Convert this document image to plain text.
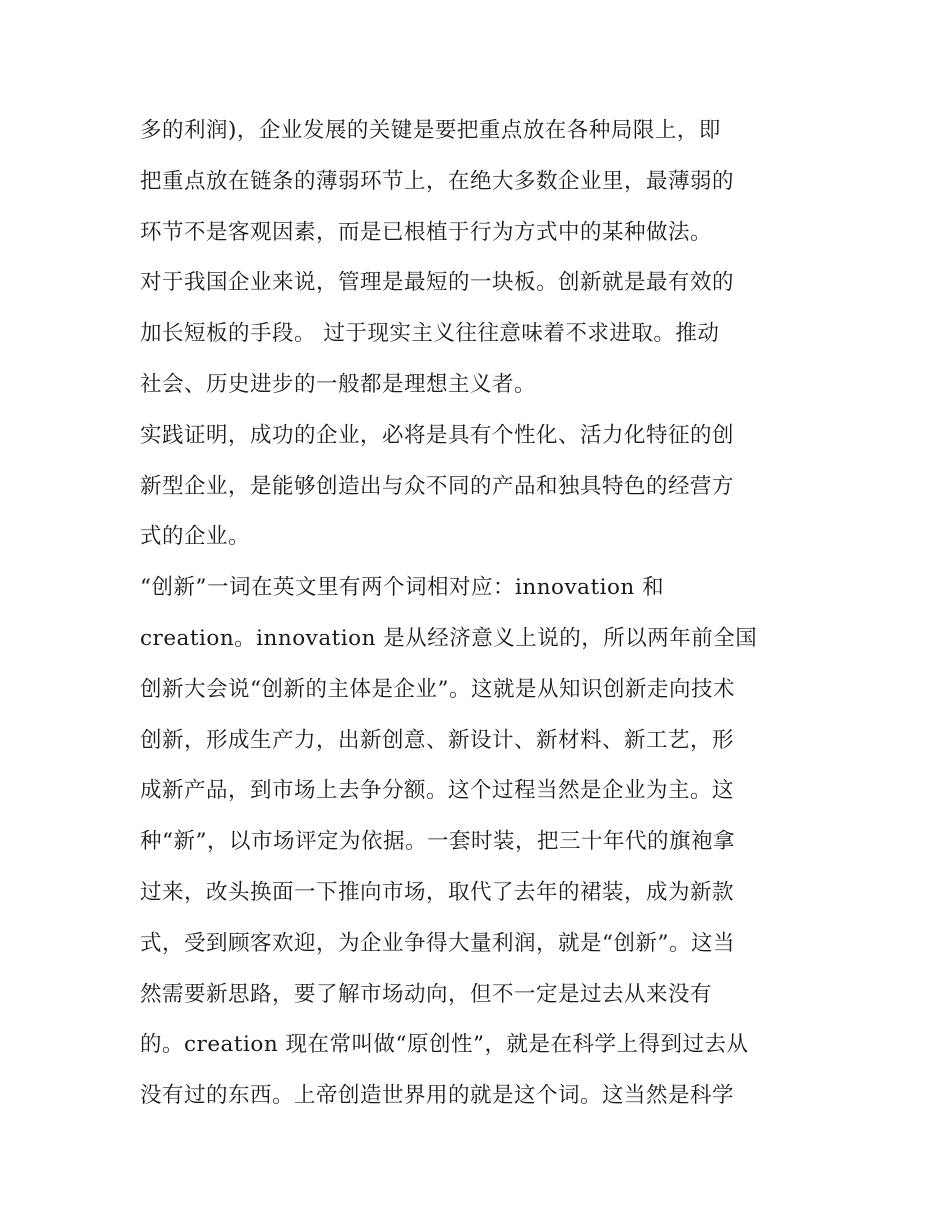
多的利润)，企业发展的关键是要把重点放在各种局限上，即
把重点放在链条的薄弱环节上，在绝大多数企业里，最薄弱的
环节不是客观因素，而是已根植于行为方式中的某种做法。
对于我国企业来说，管理是最短的一块板。创新就是最有效的
加长短板的手段。 过于现实主义往往意味着不求进取。推动
社会、历史进步的一般都是理想主义者。
实践证明，成功的企业，必将是具有个性化、活力化特征的创
新型企业，是能够创造出与众不同的产品和独具特色的经营方
式的企业。
“创新”一词在英文里有两个词相对应：innovation 和
creation。innovation 是从经济意义上说的，所以两年前全国
创新大会说“创新的主体是企业”。这就是从知识创新走向技术
创新，形成生产力，出新创意、新设计、新材料、新工艺，形
成新产品，到市场上去争分额。这个过程当然是企业为主。这
种“新”，以市场评定为依据。一套时装，把三十年代的旗袍拿
过来，改头换面一下推向市场，取代了去年的裙装，成为新款
式，受到顾客欢迎，为企业争得大量利润，就是“创新”。这当
然需要新思路，要了解市场动向，但不一定是过去从来没有
的。creation 现在常叫做“原创性”，就是在科学上得到过去从
没有过的东西。上帝创造世界用的就是这个词。这当然是科学
